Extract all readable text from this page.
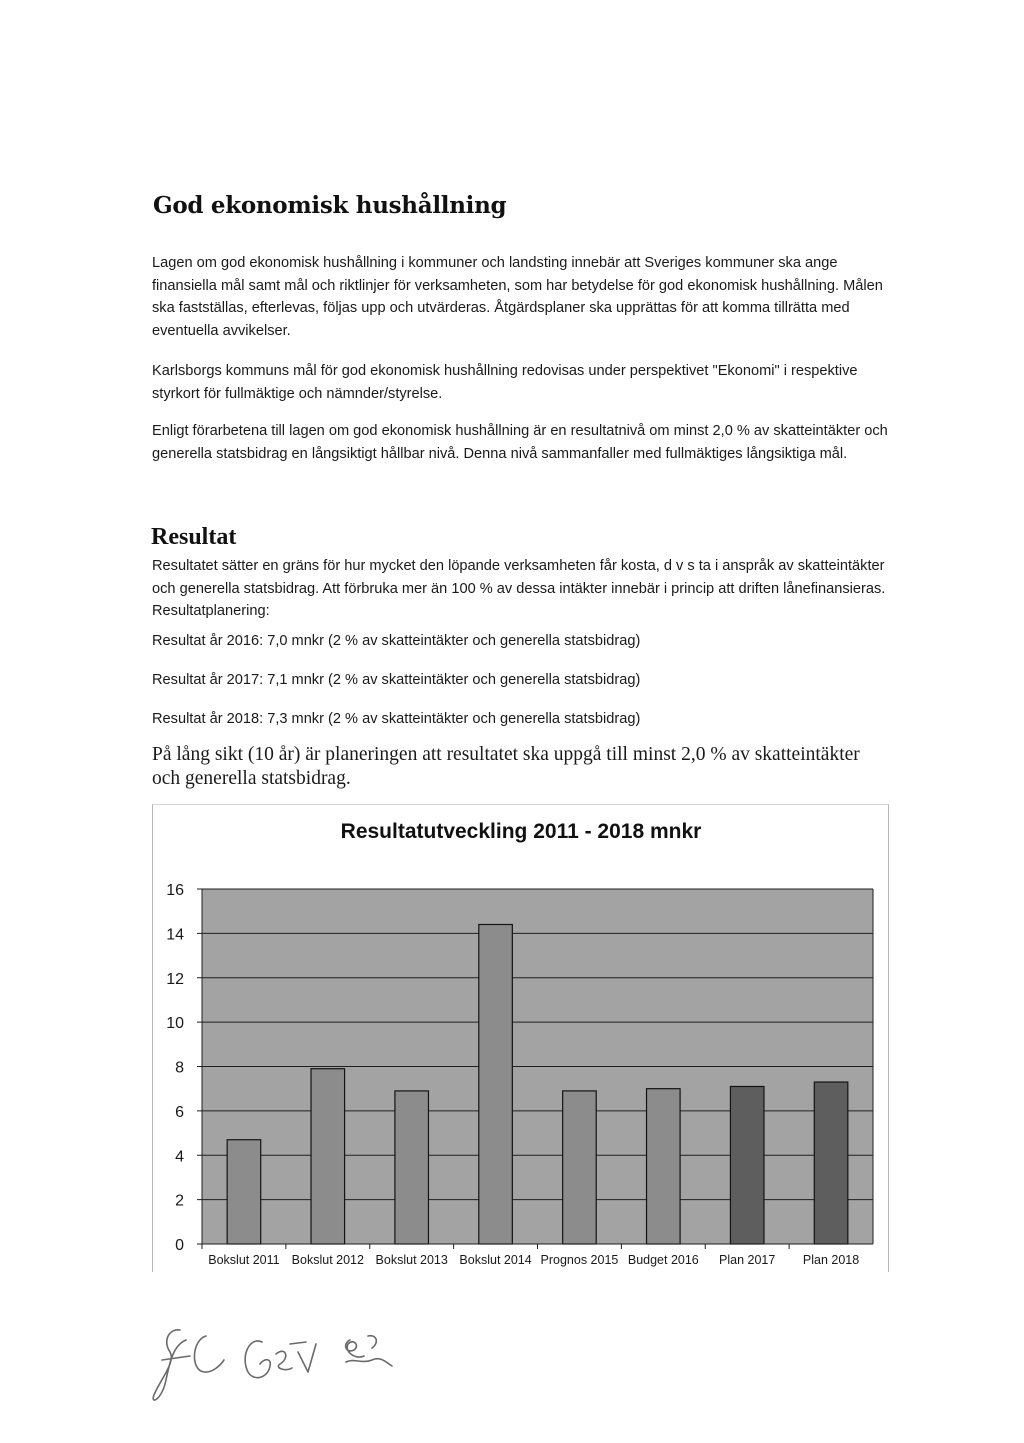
God ekonomisk hushållning

Lagen om god ekonomisk hushållning i kommuner och landsting innebär att Sveriges kommuner ska ange finansiella mål samt mål och riktlinjer för verksamheten, som har betydelse för god ekonomisk hushållning. Målen ska fastställas, efterlevas, följas upp och utvärderas. Åtgärdsplaner ska upprättas för att komma tillrätta med eventuella avvikelser.

Karlsborgs kommuns mål för god ekonomisk hushållning redovisas under perspektivet "Ekonomi" i respektive styrkort för fullmäktige och nämnder/styrelse.

Enligt förarbetena till lagen om god ekonomisk hushållning är en resultatnivå om minst 2,0 % av skatteintäkter och generella statsbidrag en långsiktigt hållbar nivå. Denna nivå sammanfaller med fullmäktiges långsiktiga mål.

Resultat

Resultatet sätter en gräns för hur mycket den löpande verksamheten får kosta, d v s ta i anspråk av skatteintäkter och generella statsbidrag. Att förbruka mer än 100 % av dessa intäkter innebär i princip att driften lånefinansieras. Resultatplanering:

Resultat år 2016: 7,0 mnkr (2 % av skatteintäkter och generella statsbidrag)

Resultat år 2017: 7,1 mnkr (2 % av skatteintäkter och generella statsbidrag)

Resultat år 2018: 7,3 mnkr (2 % av skatteintäkter och generella statsbidrag)

På lång sikt (10 år) är planeringen att resultatet ska uppgå till minst 2,0 % av skatteintäkter och generella statsbidrag.

Resultatutveckling 2011 - 2018 mnkr
0
2
4
6
8
10
12
14
16
Bokslut 2011 Bokslut 2012 Bokslut 2013 Bokslut 2014 Prognos 2015 Budget 2016 Plan 2017 Plan 2018
